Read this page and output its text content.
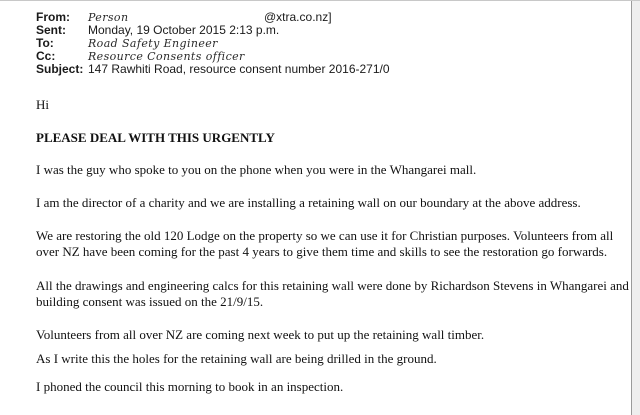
From: Person	@xtra.co.nz]
Sent: Monday, 19 October 2015 2:13 p.m.
To:	Road Safety Engineer
Cc:	Resource Consents officer
Subject: 147 Rawhiti Road, resource consent number 2016-271/0

Hi

PLEASE DEAL WITH THIS URGENTLY

I was the guy who spoke to you on the phone when you were in the Whangarei mall.

I am the director of a charity and we are installing a retaining wall on our boundary at the above address.

We are restoring the old 120 Lodge on the property so we can use it for Christian purposes. Volunteers from all over NZ have been coming for the past 4 years to give them time and skills to see the restoration go forwards.

All the drawings and engineering calcs for this retaining wall were done by Richardson Stevens in Whangarei and building consent was issued on the 21/9/15.

Volunteers from all over NZ are coming next week to put up the retaining wall timber.

As I write this the holes for the retaining wall are being drilled in the ground.

I phoned the council this morning to book in an inspection.
